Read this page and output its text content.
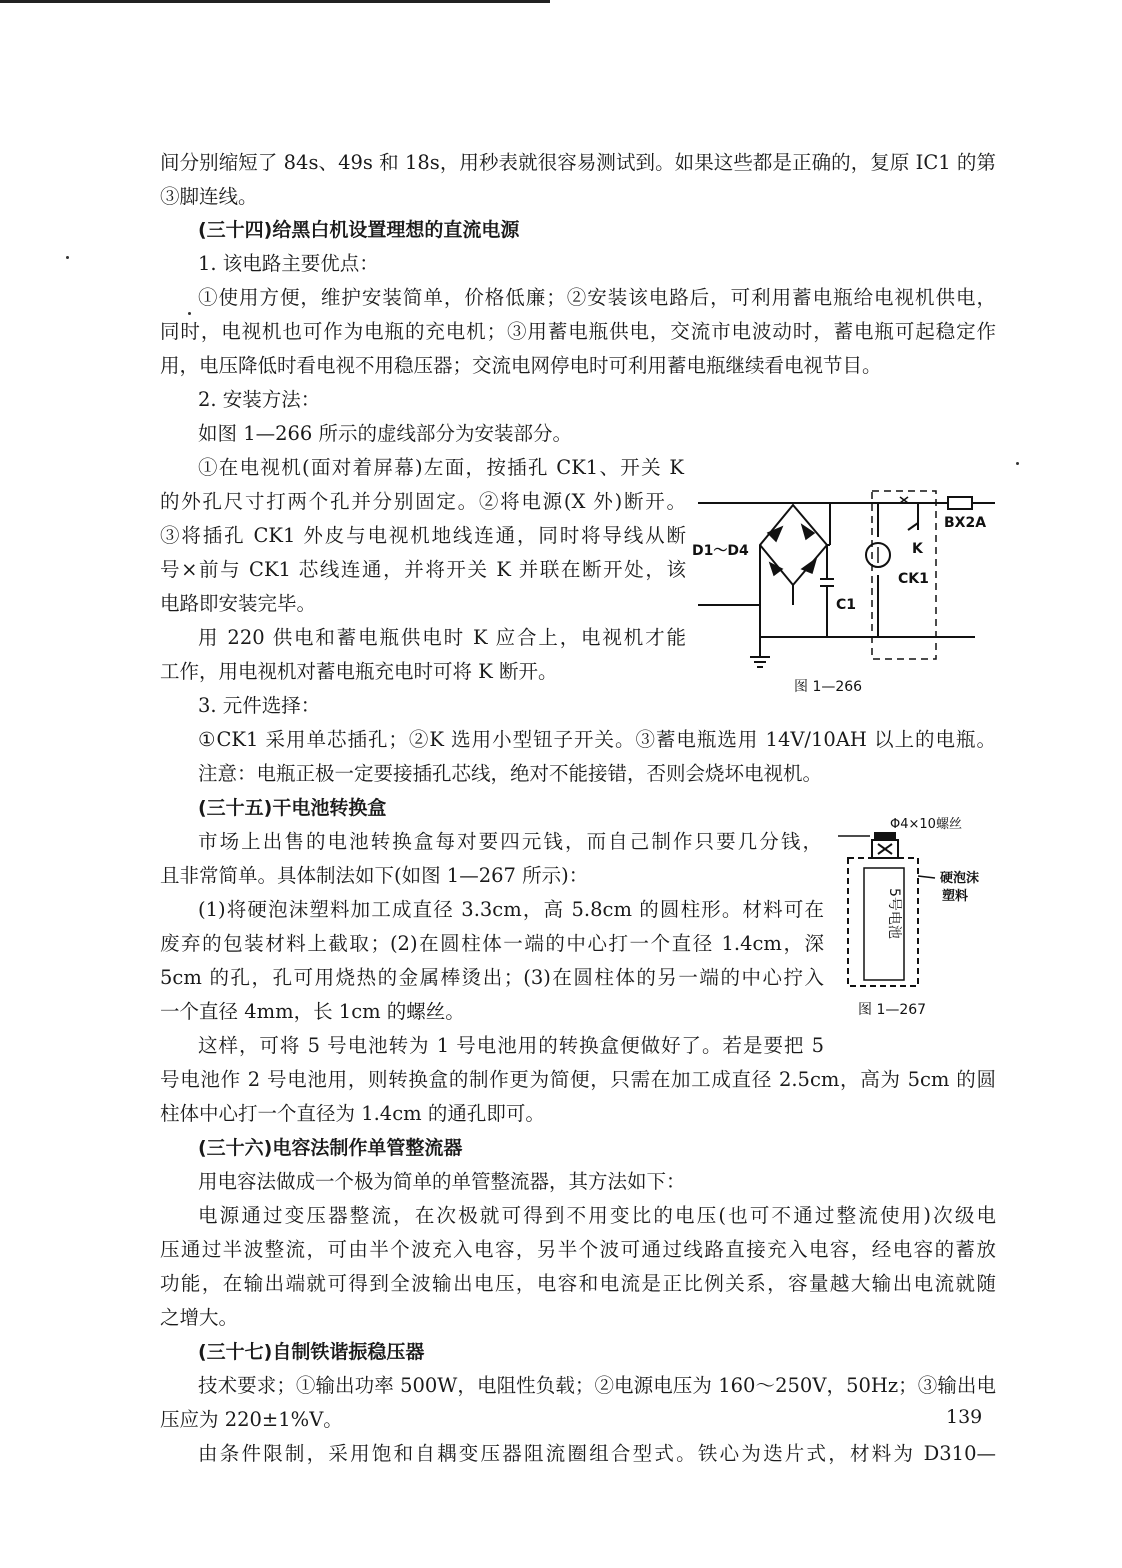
间分别缩短了 84s、49s 和 18s，用秒表就很容易测试到。如果这些都是正确的，复原 IC1 的第
③脚连线。
(三十四)给黑白机设置理想的直流电源
1. 该电路主要优点：
①使用方便，维护安装简单，价格低廉；②安装该电路后，可利用蓄电瓶给电视机供电，
同时，电视机也可作为电瓶的充电机；③用蓄电瓶供电，交流市电波动时，蓄电瓶可起稳定作
用，电压降低时看电视不用稳压器；交流电网停电时可利用蓄电瓶继续看电视节目。
2. 安装方法：
如图 1—266 所示的虚线部分为安装部分。
①在电视机(面对着屏幕)左面，按插孔 CK1、开关 K
的外孔尺寸打两个孔并分别固定。②将电源(X 外)断开。
③将插孔 CK1 外皮与电视机地线连通，同时将导线从断
号×前与 CK1 芯线连通，并将开关 K 并联在断开处，该
电路即安装完毕。
用 220 供电和蓄电瓶供电时 K 应合上，电视机才能
工作，用电视机对蓄电瓶充电时可将 K 断开。
3. 元件选择：
①CK1 采用单芯插孔；②K 选用小型钮子开关。③蓄电瓶选用 14V/10AH 以上的电瓶。
注意：电瓶正极一定要接插孔芯线，绝对不能接错，否则会烧坏电视机。
(三十五)干电池转换盒
市场上出售的电池转换盒每对要四元钱，而自己制作只要几分钱，
且非常简单。具体制法如下(如图 1—267 所示)：
(1)将硬泡沫塑料加工成直径 3.3cm，高 5.8cm 的圆柱形。材料可在
废弃的包装材料上截取；(2)在圆柱体一端的中心打一个直径 1.4cm，深
5cm 的孔，孔可用烧热的金属棒烫出；(3)在圆柱体的另一端的中心拧入
一个直径 4mm，长 1cm 的螺丝。
这样，可将 5 号电池转为 1 号电池用的转换盒便做好了。若是要把 5
号电池作 2 号电池用，则转换盒的制作更为简便，只需在加工成直径 2.5cm，高为 5cm 的圆
柱体中心打一个直径为 1.4cm 的通孔即可。
(三十六)电容法制作单管整流器
用电容法做成一个极为简单的单管整流器，其方法如下：
电源通过变压器整流，在次极就可得到不用变比的电压(也可不通过整流使用)次级电
压通过半波整流，可由半个波充入电容，另半个波可通过线路直接充入电容，经电容的蓄放
功能，在输出端就可得到全波输出电压，电容和电流是正比例关系，容量越大输出电流就随
之增大。
(三十七)自制铁谐振稳压器
技术要求；①输出功率 500W，电阻性负载；②电源电压为 160～250V，50Hz；③输出电
压应为 220±1%V。
由条件限制，采用饱和自耦变压器阻流圈组合型式。铁心为迭片式，材料为 D310—
D1～D4
C1
K
CK1
BX2A
图 1—266
Φ4×10螺丝
硬泡沫
塑料
5号电池
图 1—267
139
